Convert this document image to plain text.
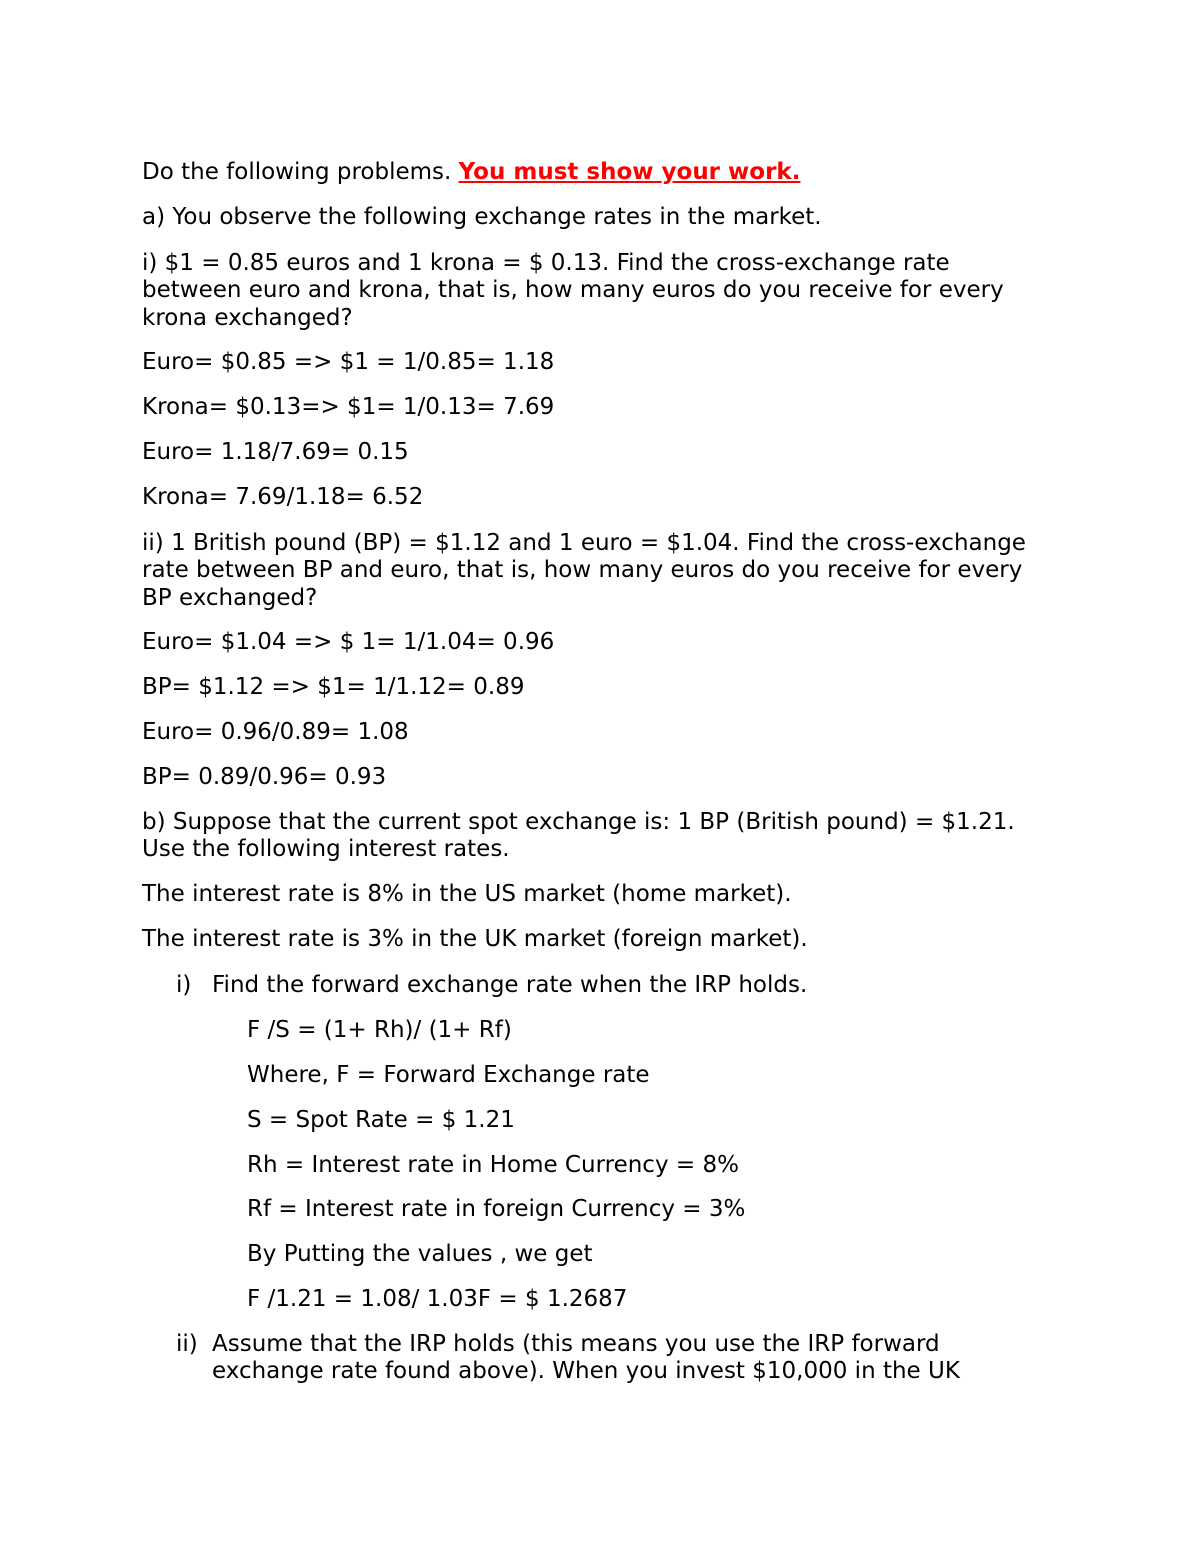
Do the following problems. You must show your work.

a) You observe the following exchange rates in the market.

i) $1 = 0.85 euros and 1 krona = $ 0.13. Find the cross-exchange rate

between euro and krona, that is, how many euros do you receive for every

krona exchanged?

Euro= $0.85 => $1 = 1/0.85= 1.18

Krona= $0.13=> $1= 1/0.13= 7.69

Euro= 1.18/7.69= 0.15

Krona= 7.69/1.18= 6.52

ii) 1 British pound (BP) = $1.12 and 1 euro = $1.04. Find the cross-exchange

rate between BP and euro, that is, how many euros do you receive for every

BP exchanged?

Euro= $1.04 => $ 1= 1/1.04= 0.96

BP= $1.12 => $1= 1/1.12= 0.89

Euro= 0.96/0.89= 1.08

BP= 0.89/0.96= 0.93

b) Suppose that the current spot exchange is: 1 BP (British pound) = $1.21.

Use the following interest rates.

The interest rate is 8% in the US market (home market).

The interest rate is 3% in the UK market (foreign market).

i) Find the forward exchange rate when the IRP holds.

F /S = (1+ Rh)/ (1+ Rf)

Where, F = Forward Exchange rate

S = Spot Rate = $ 1.21

Rh = Interest rate in Home Currency = 8%

Rf = Interest rate in foreign Currency = 3%

By Putting the values , we get

F /1.21 = 1.08/ 1.03F = $ 1.2687

ii) Assume that the IRP holds (this means you use the IRP forward

exchange rate found above). When you invest $10,000 in the UK
